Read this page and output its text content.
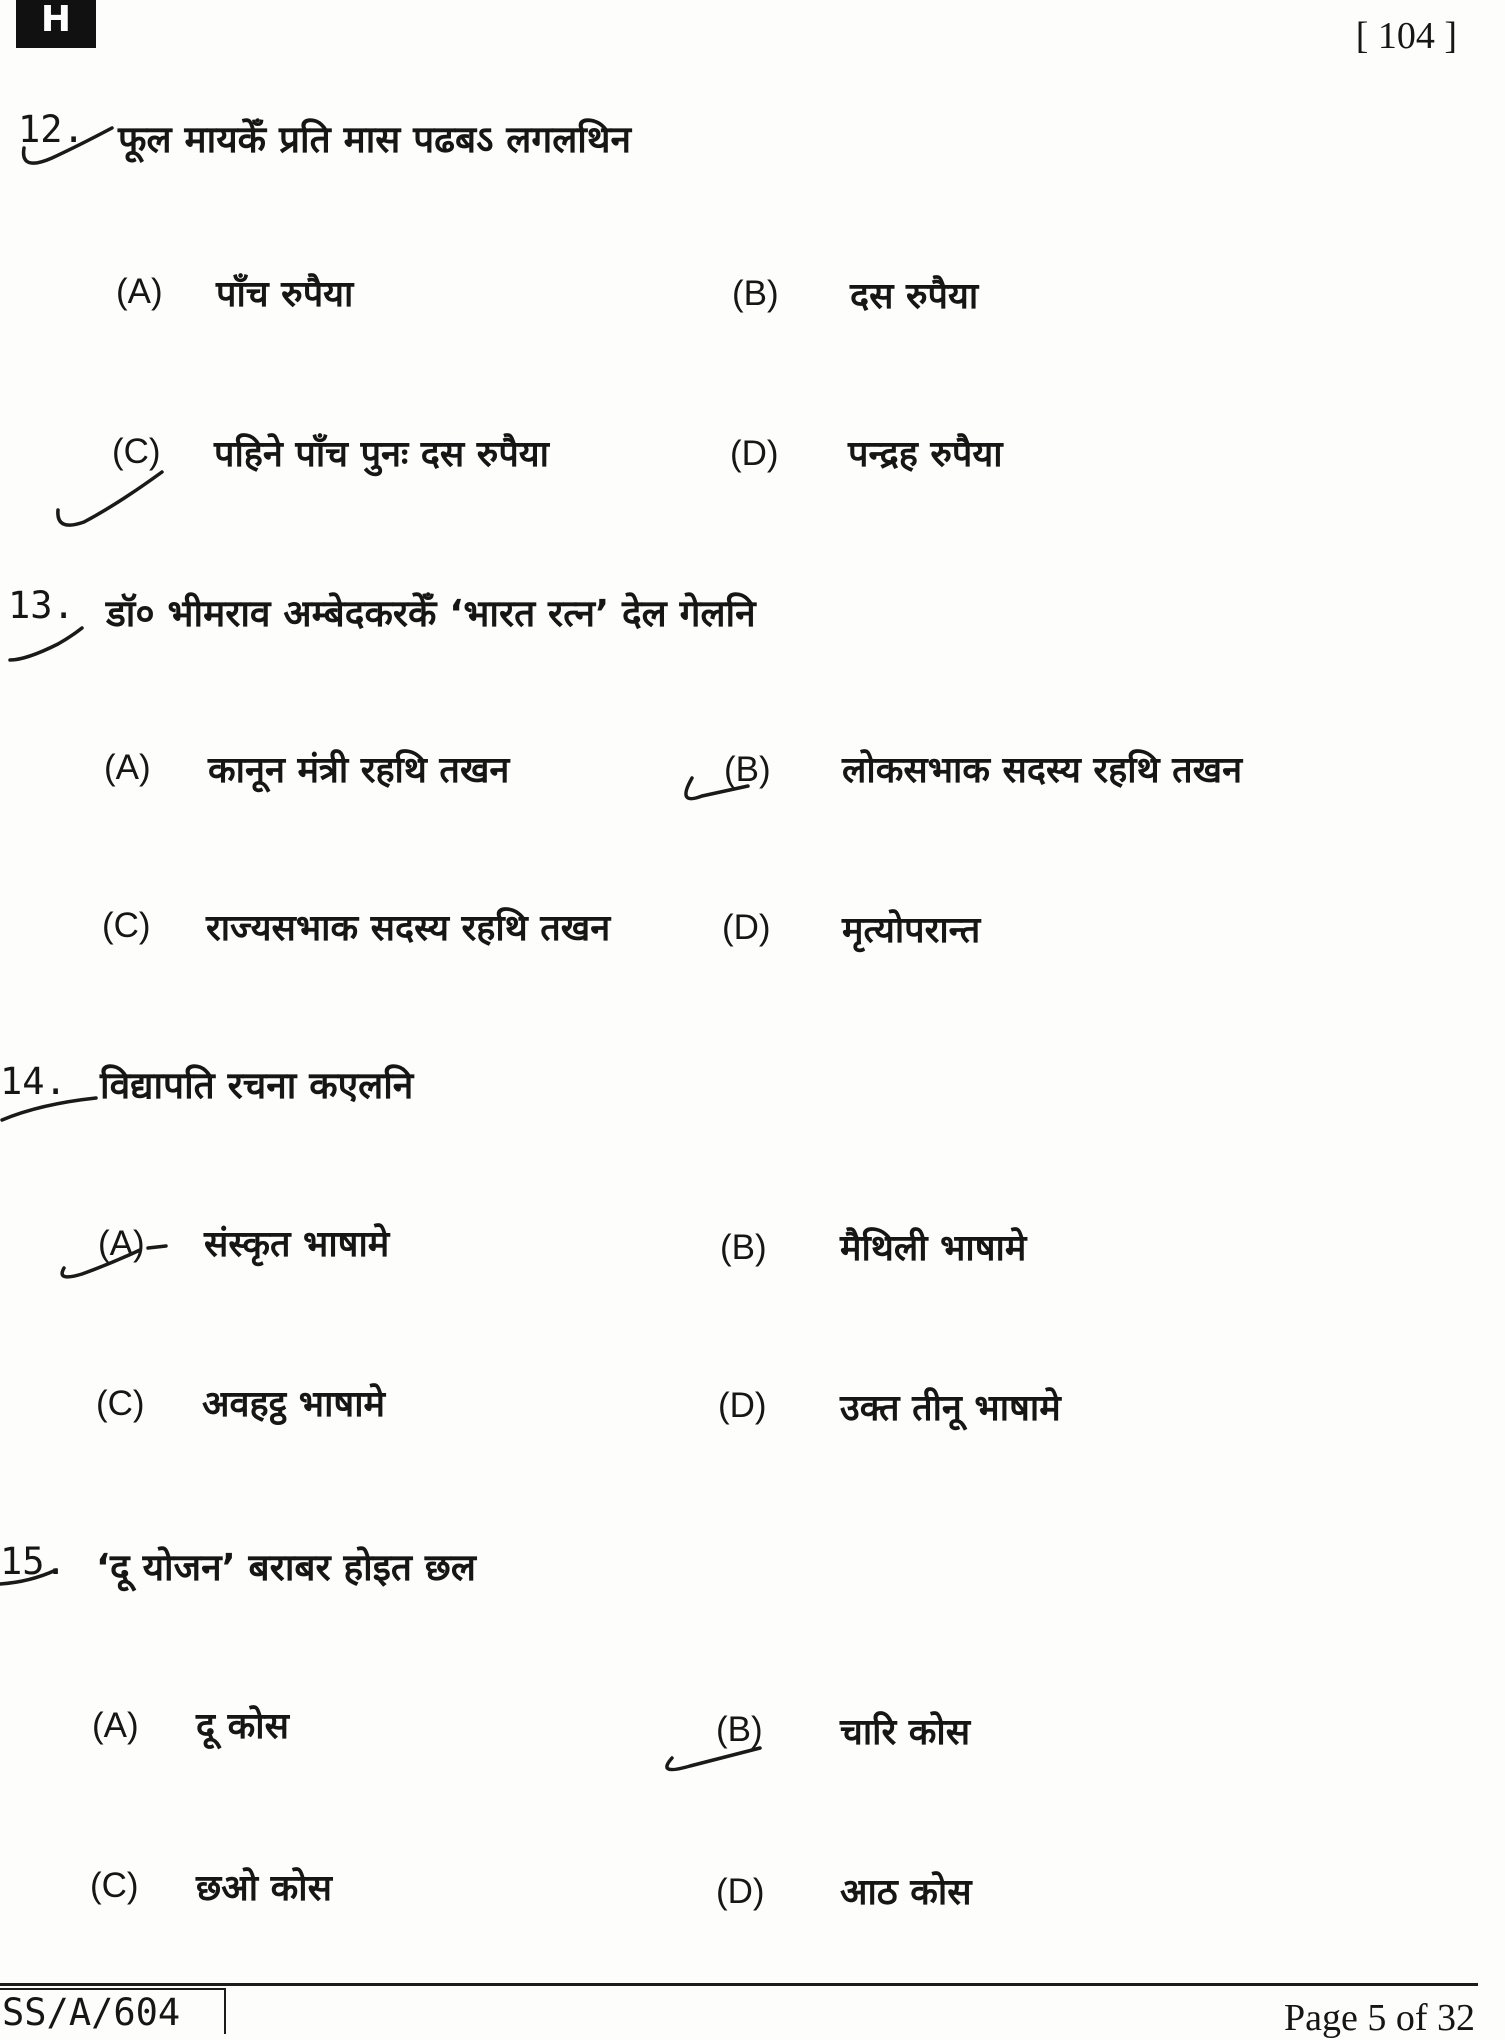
H	[ 104 ]
12. फूल मायकेँ प्रति मास पढबऽ लगलथिन
(A) पाँच रुपैया	(B) दस रुपैया
(C) पहिने पाँच पुनः दस रुपैया	(D) पन्द्रह रुपैया
13. डॉ० भीमराव अम्बेदकरकेँ ‘भारत रत्न’ देल गेलनि
(A) कानून मंत्री रहथि तखन	(B) लोकसभाक सदस्य रहथि तखन
(C) राज्यसभाक सदस्य रहथि तखन	(D) मृत्योपरान्त
14. विद्यापति रचना कएलनि
(A) संस्कृत भाषामे	(B) मैथिली भाषामे
(C) अवहट्ठ भाषामे	(D) उक्त तीनू भाषामे
15. ‘दू योजन’ बराबर होइत छल
(A) दू कोस	(B) चारि कोस
(C) छओ कोस	(D) आठ कोस
SS/A/604	Page 5 of 32
